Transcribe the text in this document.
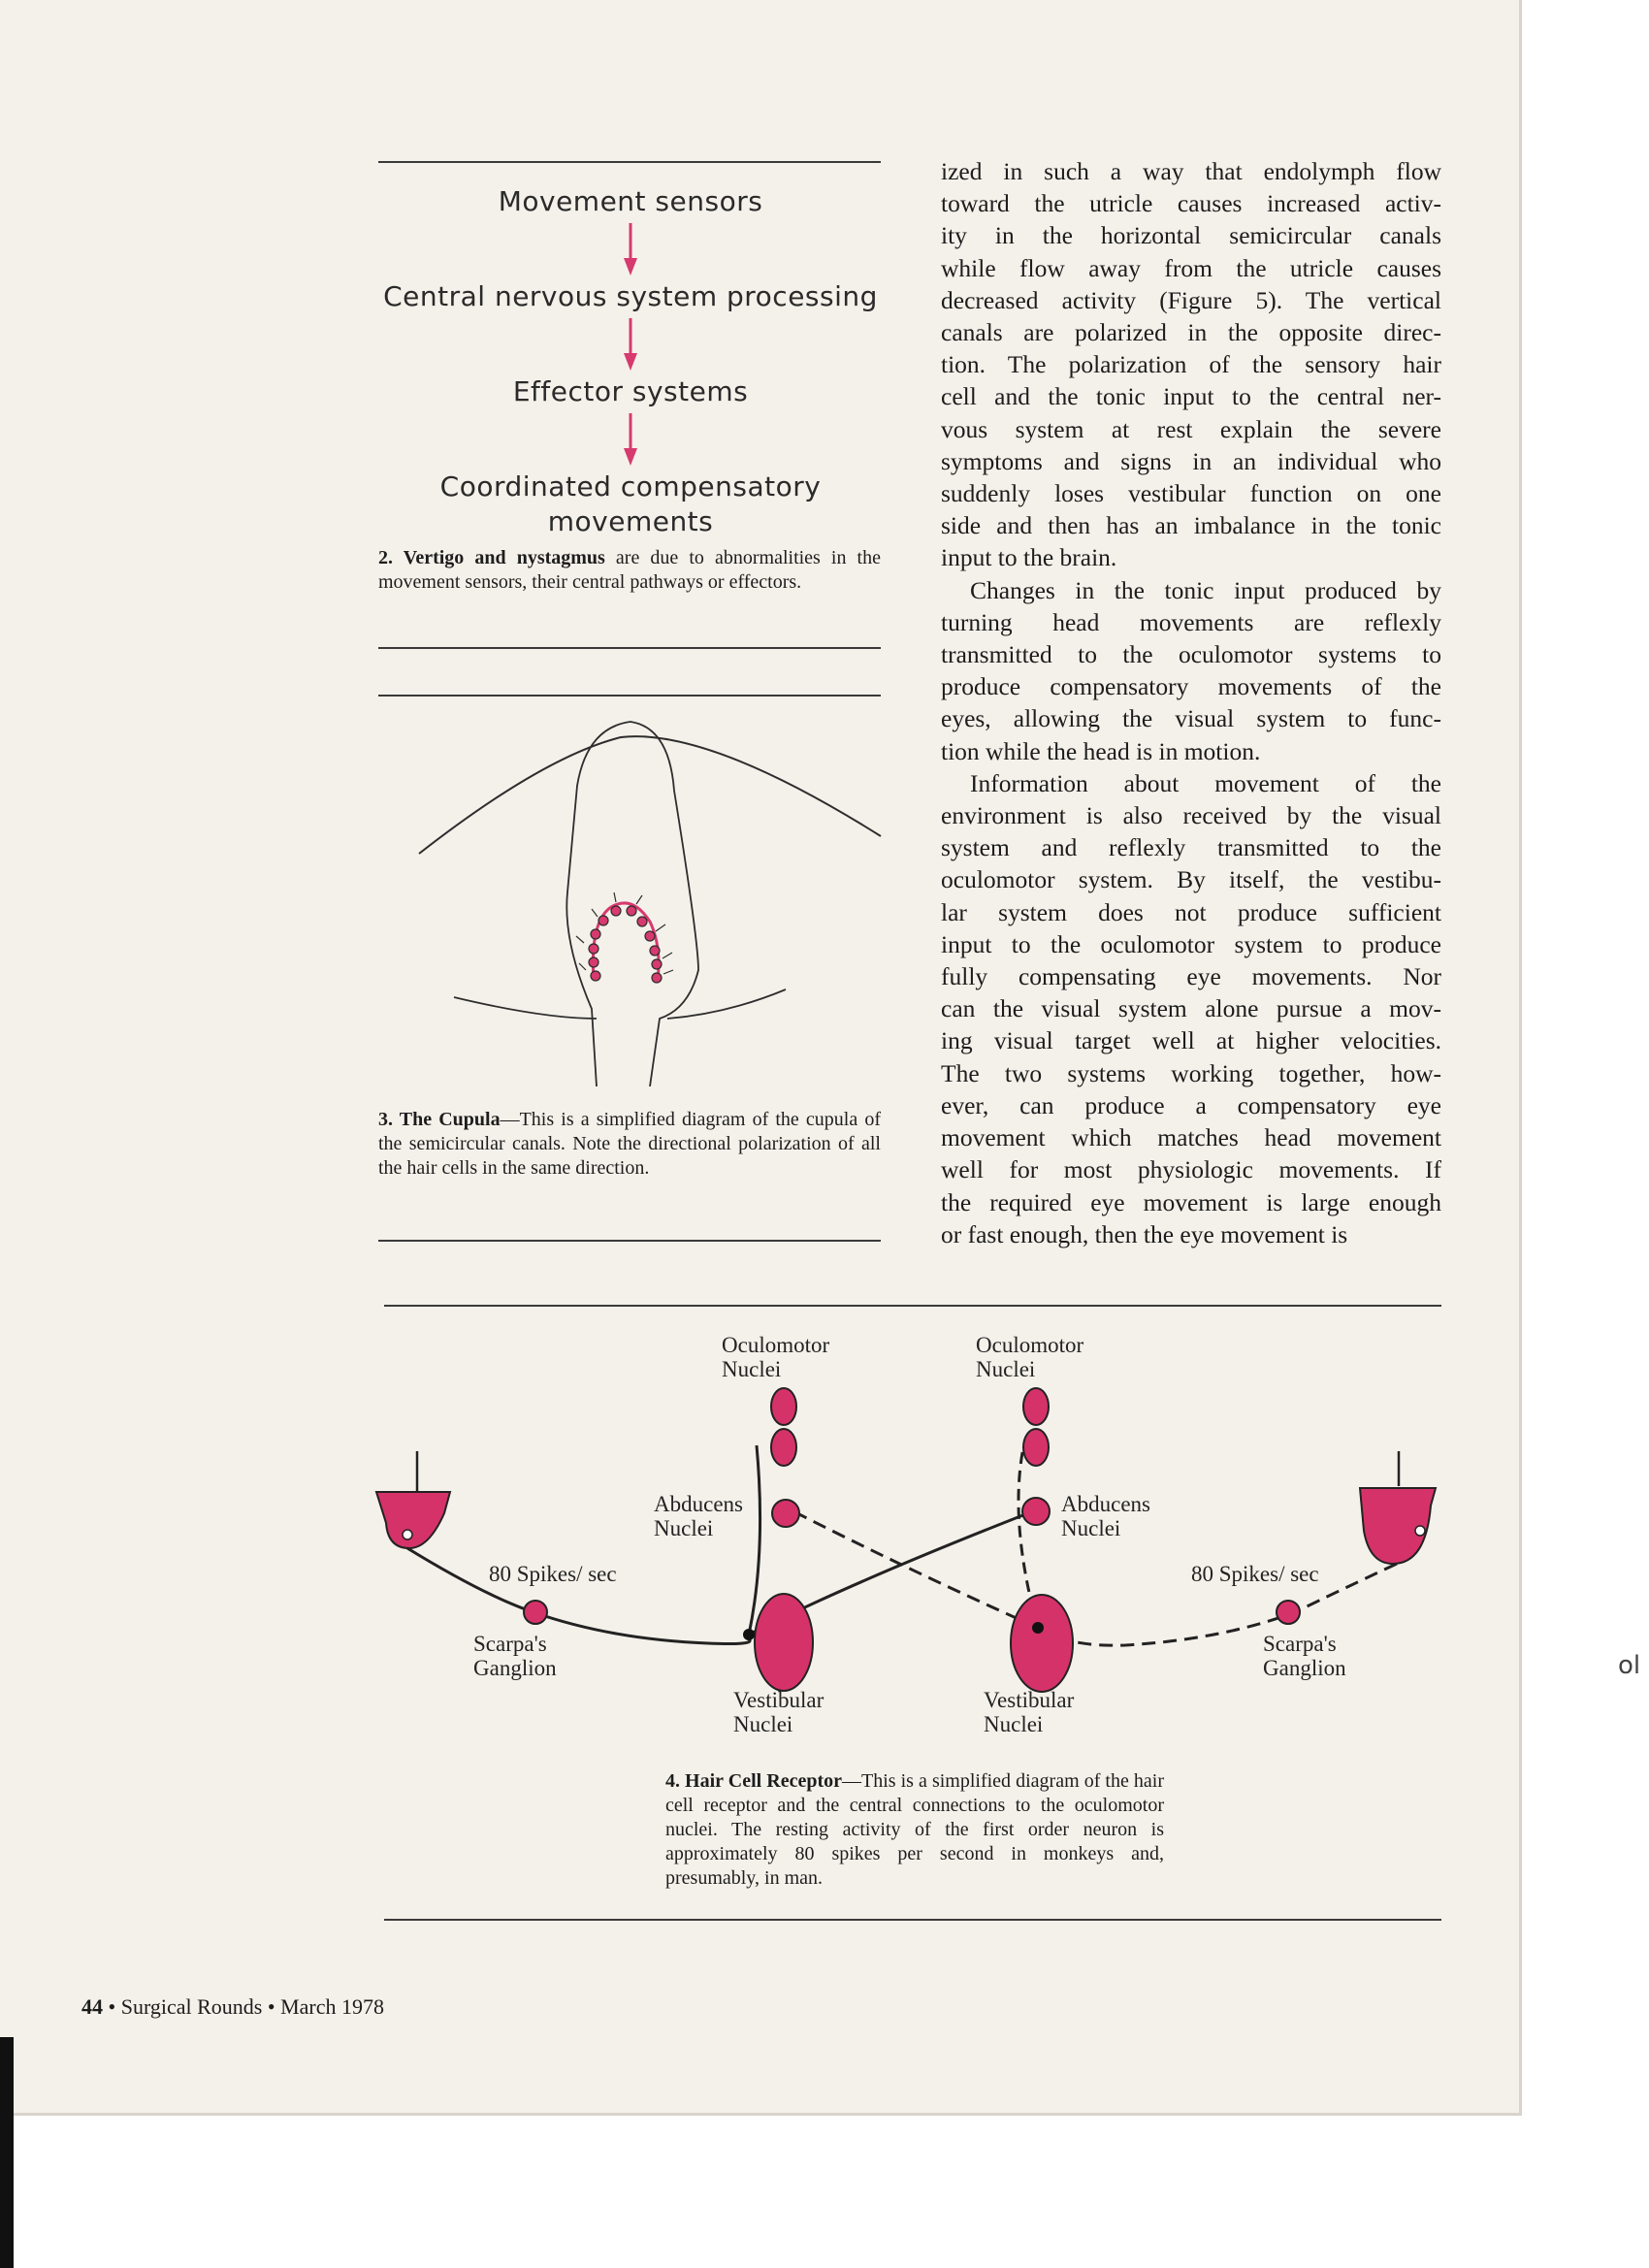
Movement sensors
Central nervous system processing
Effector systems
Coordinated compensatory movements
2. Vertigo and nystagmus are due to abnormalities in the movement sensors, their central pathways or effectors.
3. The Cupula—This is a simplified diagram of the cupula of the semicircular canals. Note the directional polarization of all the hair cells in the same direction.

ized in such a way that endolymph flow

toward the utricle causes increased activ-

ity in the horizontal semicircular canals

while flow away from the utricle causes

decreased activity (Figure 5). The vertical

canals are polarized in the opposite direc-

tion. The polarization of the sensory hair

cell and the tonic input to the central ner-

vous system at rest explain the severe

symptoms and signs in an individual who

suddenly loses vestibular function on one

side and then has an imbalance in the tonic

input to the brain.

Changes in the tonic input produced by

turning head movements are reflexly

transmitted to the oculomotor systems to

produce compensatory movements of the

eyes, allowing the visual system to func-

tion while the head is in motion.

Information about movement of the

environment is also received by the visual

system and reflexly transmitted to the

oculomotor system. By itself, the vestibu-

lar system does not produce sufficient

input to the oculomotor system to produce

fully compensating eye movements. Nor

can the visual system alone pursue a mov-

ing visual target well at higher velocities.

The two systems working together, how-

ever, can produce a compensatory eye

movement which matches head movement

well for most physiologic movements. If

the required eye movement is large enough

or fast enough, then the eye movement is

Oculomotor
Nuclei
Oculomotor
Nuclei
Abducens
Nuclei
Abducens
Nuclei
80 Spikes/ sec	80 Spikes/ sec
Scarpa's
Ganglion
Scarpa's
Ganglion
Vestibular
Nuclei
Vestibular
Nuclei
4. Hair Cell Receptor—This is a simplified diagram of the hair cell receptor and the central connections to the oculomotor nuclei. The resting activity of the first order neuron is approximately 80 spikes per second in monkeys and, presumably, in man.
44 • Surgical Rounds • March 1978
ol
